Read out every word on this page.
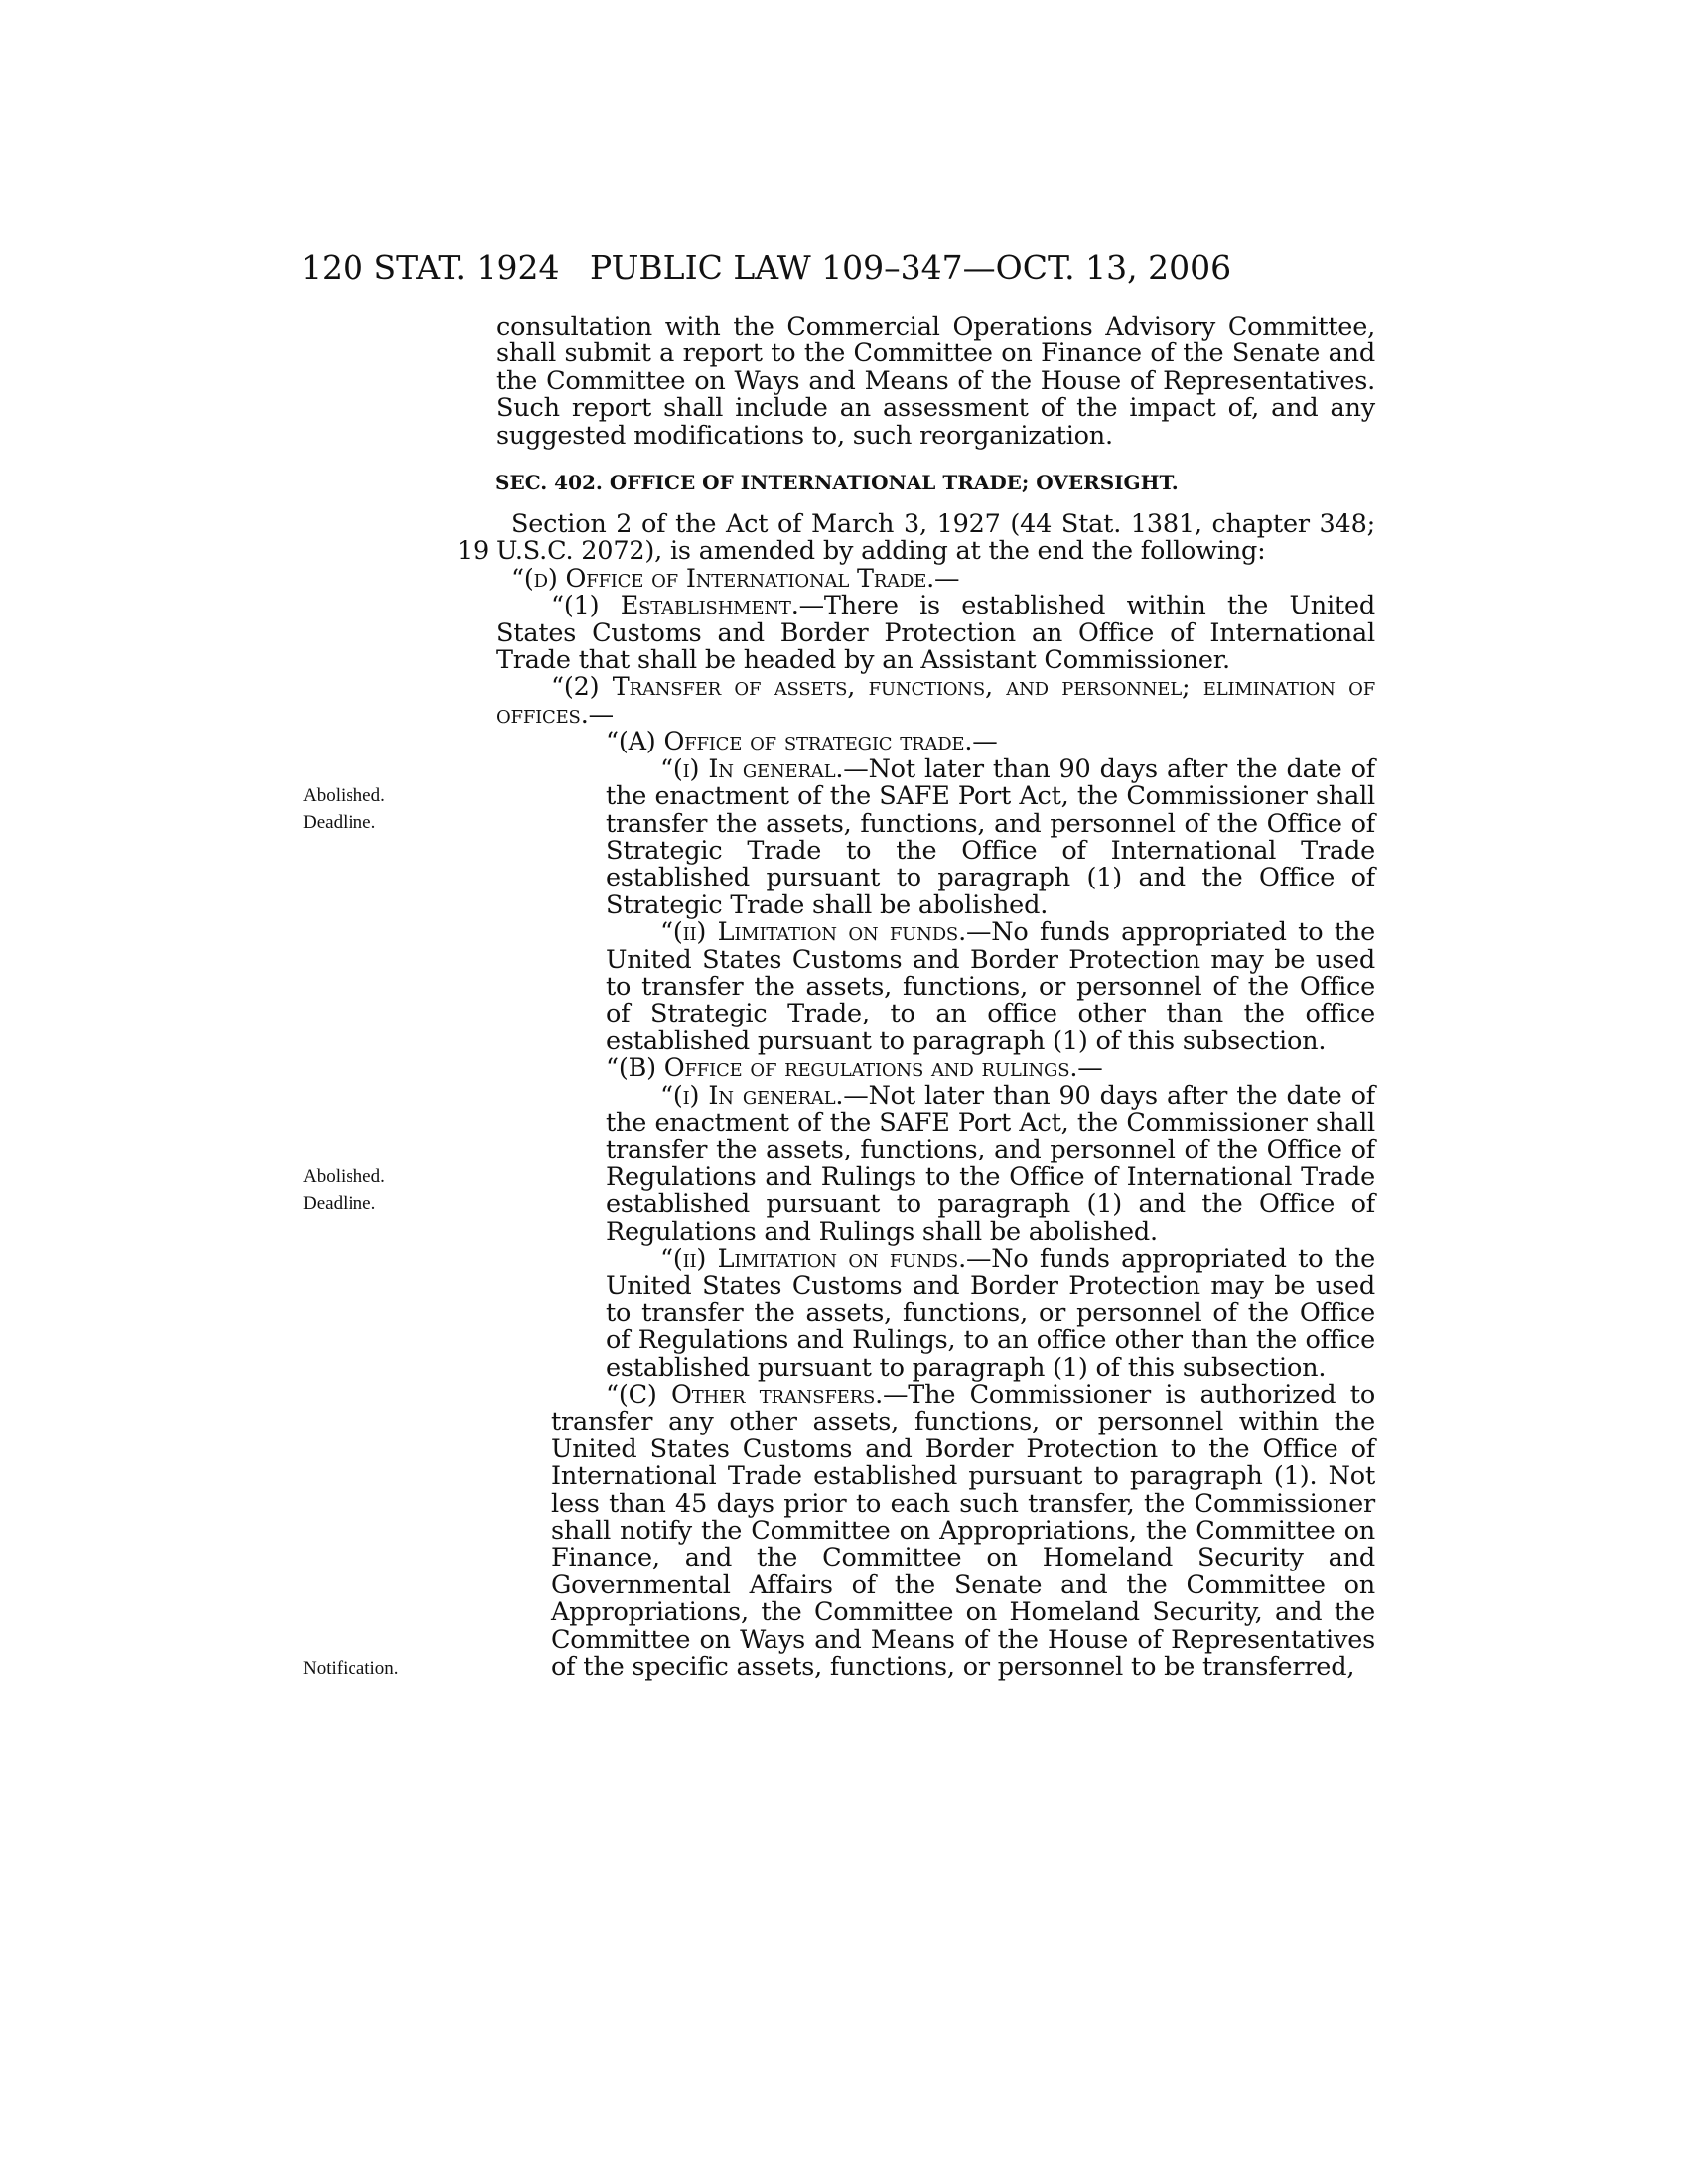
120 STAT. 1924 PUBLIC LAW 109–347—OCT. 13, 2006
Abolished.
Deadline.
Abolished.
Deadline.
Notification.

consultation with the Commercial Operations Advisory Committee, shall submit a report to the Committee on Finance of the Senate and the Committee on Ways and Means of the House of Representatives. Such report shall include an assessment of the impact of, and any suggested modifications to, such reorganization.

SEC. 402. OFFICE OF INTERNATIONAL TRADE; OVERSIGHT.

Section 2 of the Act of March 3, 1927 (44 Stat. 1381, chapter 348; 19 U.S.C. 2072), is amended by adding at the end the following:

“(d) Office of International Trade.—

“(1) Establishment.—There is established within the United States Customs and Border Protection an Office of International Trade that shall be headed by an Assistant Commissioner.

“(2) Transfer of assets, functions, and personnel; elimination of offices.—

“(A) Office of strategic trade.—

“(i) In general.—Not later than 90 days after the date of the enactment of the SAFE Port Act, the Commissioner shall transfer the assets, functions, and personnel of the Office of Strategic Trade to the Office of International Trade established pursuant to paragraph (1) and the Office of Strategic Trade shall be abolished.

“(ii) Limitation on funds.—No funds appropriated to the United States Customs and Border Protection may be used to transfer the assets, functions, or personnel of the Office of Strategic Trade, to an office other than the office established pursuant to paragraph (1) of this subsection.

“(B) Office of regulations and rulings.—

“(i) In general.—Not later than 90 days after the date of the enactment of the SAFE Port Act, the Commissioner shall transfer the assets, functions, and personnel of the Office of Regulations and Rulings to the Office of International Trade established pursuant to paragraph (1) and the Office of Regulations and Rulings shall be abolished.

“(ii) Limitation on funds.—No funds appropriated to the United States Customs and Border Protection may be used to transfer the assets, functions, or personnel of the Office of Regulations and Rulings, to an office other than the office established pursuant to paragraph (1) of this subsection.

“(C) Other transfers.—The Commissioner is authorized to transfer any other assets, functions, or personnel within the United States Customs and Border Protection to the Office of International Trade established pursuant to paragraph (1). Not less than 45 days prior to each such transfer, the Commissioner shall notify the Committee on Appropriations, the Committee on Finance, and the Committee on Homeland Security and Governmental Affairs of the Senate and the Committee on Appropriations, the Committee on Homeland Security, and the Committee on Ways and Means of the House of Representatives of the specific assets, functions, or personnel to be transferred,
